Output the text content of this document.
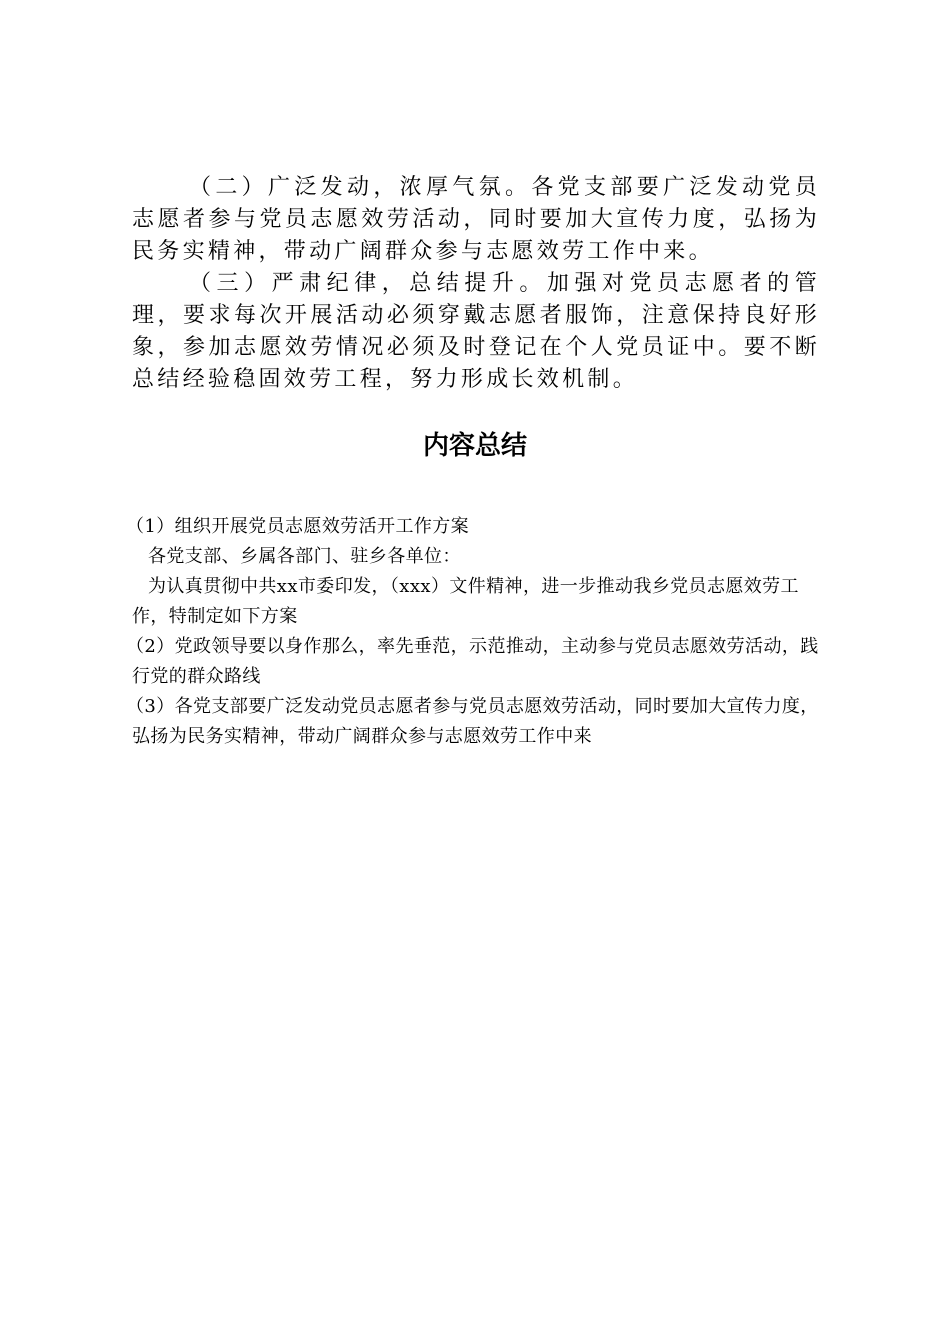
（二）广泛发动，浓厚气氛。各党支部要广泛发动党员志愿者参与党员志愿效劳活动，同时要加大宣传力度，弘扬为民务实精神，带动广阔群众参与志愿效劳工作中来。

（三）严肃纪律，总结提升。加强对党员志愿者的管理，要求每次开展活动必须穿戴志愿者服饰，注意保持良好形象，参加志愿效劳情况必须及时登记在个人党员证中。要不断总结经验稳固效劳工程，努力形成长效机制。

内容总结

（1）组织开展党员志愿效劳活开工作方案

各党支部、乡属各部门、驻乡各单位：

为认真贯彻中共xx市委印发，（xxx）文件精神，进一步推动我乡党员志愿效劳工作，特制定如下方案

（2）党政领导要以身作那么，率先垂范，示范推动，主动参与党员志愿效劳活动，践行党的群众路线

（3）各党支部要广泛发动党员志愿者参与党员志愿效劳活动，同时要加大宣传力度，弘扬为民务实精神，带动广阔群众参与志愿效劳工作中来
